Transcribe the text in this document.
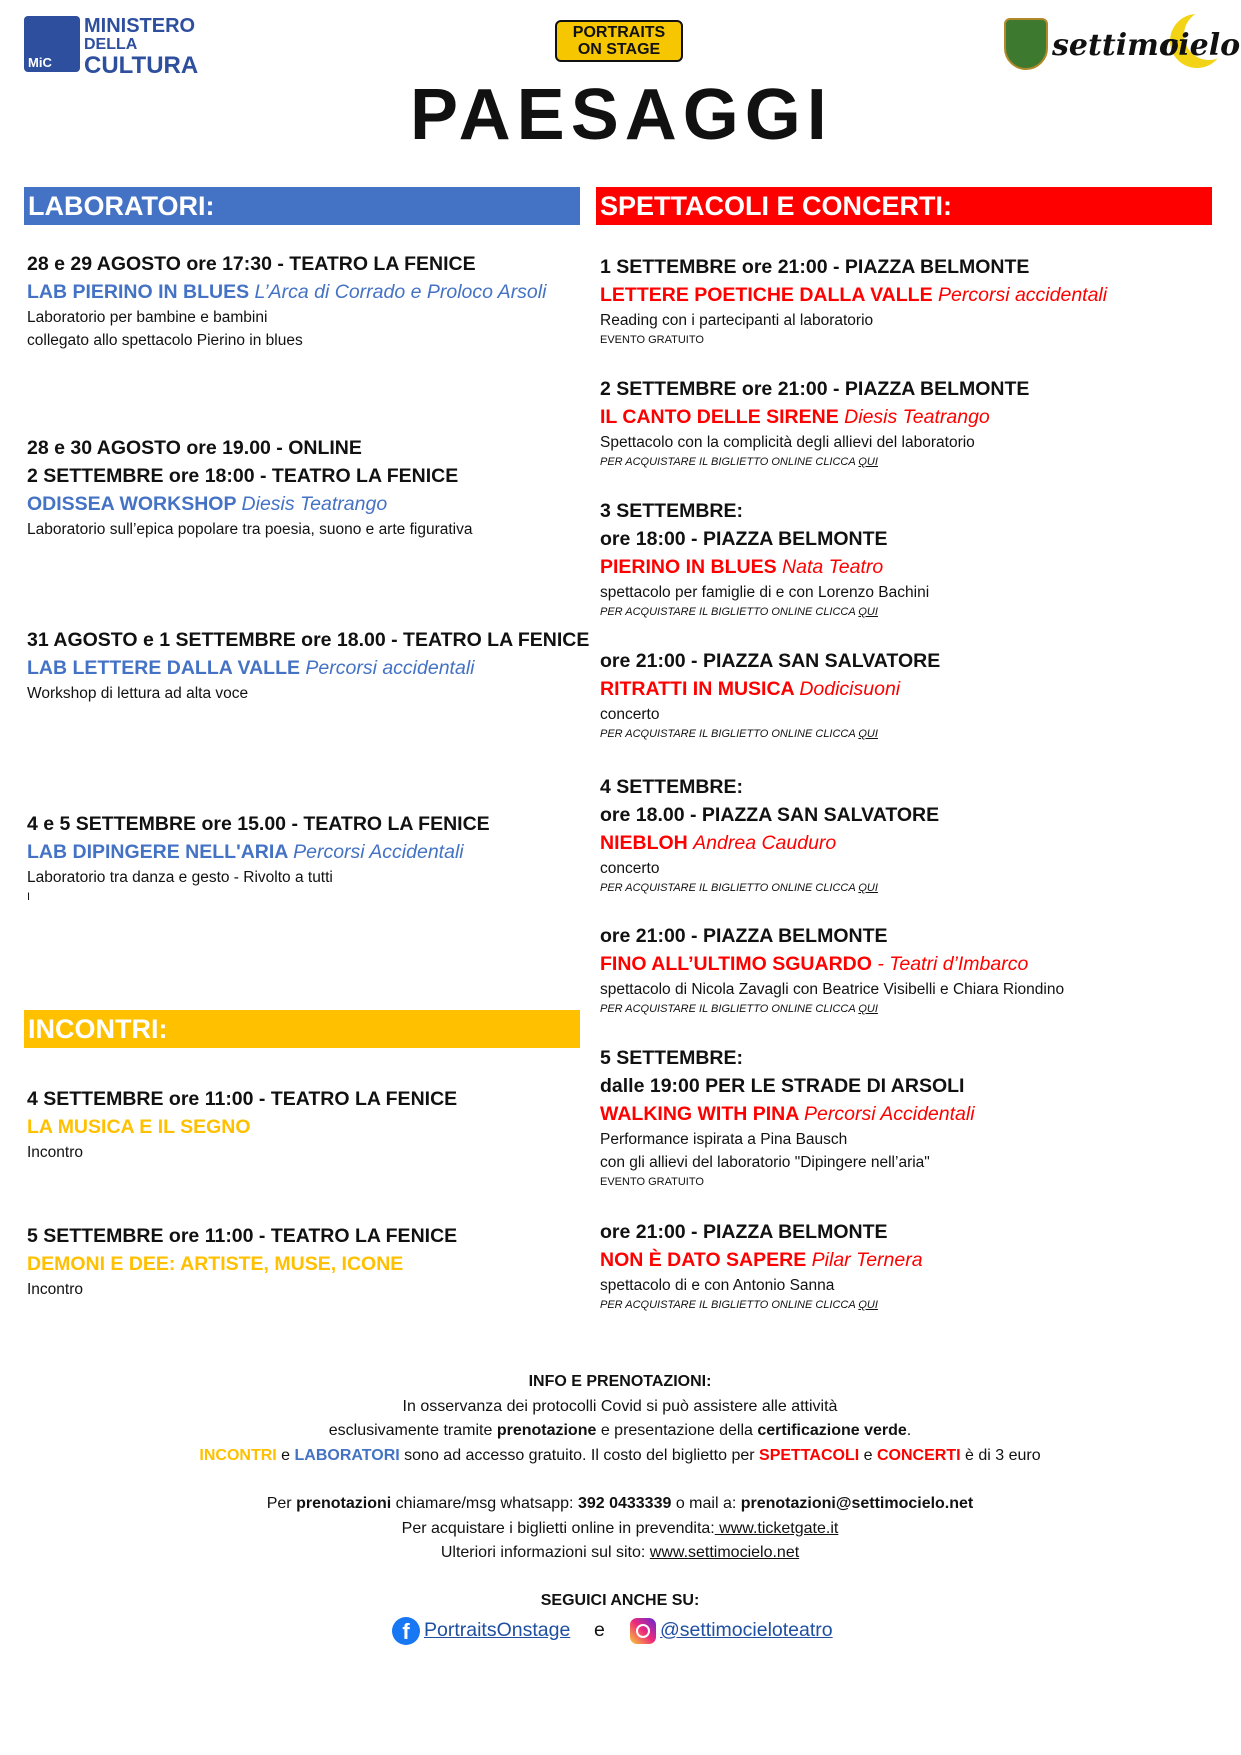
MiC
MINISTERO
DELLA
CULTURA
PORTRAITS
ON STAGE
PAESAGGI
settimo
cielo
LABORATORI:
INCONTRI:
SPETTACOLI E CONCERTI:
28 e 29 AGOSTO ore 17:30 - TEATRO LA FENICE
LAB PIERINO IN BLUES L’Arca di Corrado e Proloco Arsoli
Laboratorio per bambine e bambini
collegato allo spettacolo Pierino in blues
28 e 30 AGOSTO ore 19.00 - ONLINE
2 SETTEMBRE ore 18:00 - TEATRO LA FENICE
ODISSEA WORKSHOP Diesis Teatrango
Laboratorio sull’epica popolare tra poesia, suono e arte figurativa
31 AGOSTO e 1 SETTEMBRE ore 18.00 - TEATRO LA FENICE
LAB LETTERE DALLA VALLE Percorsi accidentali
Workshop di lettura ad alta voce
4 e 5 SETTEMBRE ore 15.00 - TEATRO LA FENICE
LAB DIPINGERE NELL'ARIA Percorsi Accidentali
Laboratorio tra danza e gesto - Rivolto a tutti
I
4 SETTEMBRE ore 11:00 - TEATRO LA FENICE
LA MUSICA E IL SEGNO
Incontro
5 SETTEMBRE ore 11:00 - TEATRO LA FENICE
DEMONI E DEE: ARTISTE, MUSE, ICONE
Incontro
1 SETTEMBRE ore 21:00 - PIAZZA BELMONTE
LETTERE POETICHE DALLA VALLE Percorsi accidentali
Reading con i partecipanti al laboratorio
EVENTO GRATUITO
2 SETTEMBRE ore 21:00 - PIAZZA BELMONTE
IL CANTO DELLE SIRENE Diesis Teatrango
Spettacolo con la complicità degli allievi del laboratorio
PER ACQUISTARE IL BIGLIETTO ONLINE CLICCA QUI
3 SETTEMBRE:
ore 18:00 - PIAZZA BELMONTE
PIERINO IN BLUES Nata Teatro
spettacolo per famiglie di e con Lorenzo Bachini
PER ACQUISTARE IL BIGLIETTO ONLINE CLICCA QUI
ore 21:00 - PIAZZA SAN SALVATORE
RITRATTI IN MUSICA Dodicisuoni
concerto
PER ACQUISTARE IL BIGLIETTO ONLINE CLICCA QUI
4 SETTEMBRE:
ore 18.00 - PIAZZA SAN SALVATORE
NIEBLOH Andrea Cauduro
concerto
PER ACQUISTARE IL BIGLIETTO ONLINE CLICCA QUI
ore 21:00 - PIAZZA BELMONTE
FINO ALL’ULTIMO SGUARDO - Teatri d’Imbarco
spettacolo di Nicola Zavagli con Beatrice Visibelli e Chiara Riondino
PER ACQUISTARE IL BIGLIETTO ONLINE CLICCA QUI
5 SETTEMBRE:
dalle 19:00 PER LE STRADE DI ARSOLI
WALKING WITH PINA Percorsi Accidentali
Performance ispirata a Pina Bausch
con gli allievi del laboratorio "Dipingere nell’aria"
EVENTO GRATUITO
ore 21:00 - PIAZZA BELMONTE
NON È DATO SAPERE Pilar Ternera
spettacolo di e con Antonio Sanna
PER ACQUISTARE IL BIGLIETTO ONLINE CLICCA QUI
INFO E PRENOTAZIONI:
In osservanza dei protocolli Covid si può assistere alle attività
esclusivamente tramite prenotazione e presentazione della certificazione verde.
INCONTRI e LABORATORI sono ad accesso gratuito. Il costo del biglietto per SPETTACOLI e CONCERTI è di 3 euro
Per prenotazioni chiamare/msg whatsapp: 392 0433339 o mail a: prenotazioni@settimocielo.net
Per acquistare i biglietti online in prevendita: www.ticketgate.it
Ulteriori informazioni sul sito: www.settimocielo.net
SEGUICI ANCHE SU:
f PortraitsOnstage e	@settimocieloteatro
